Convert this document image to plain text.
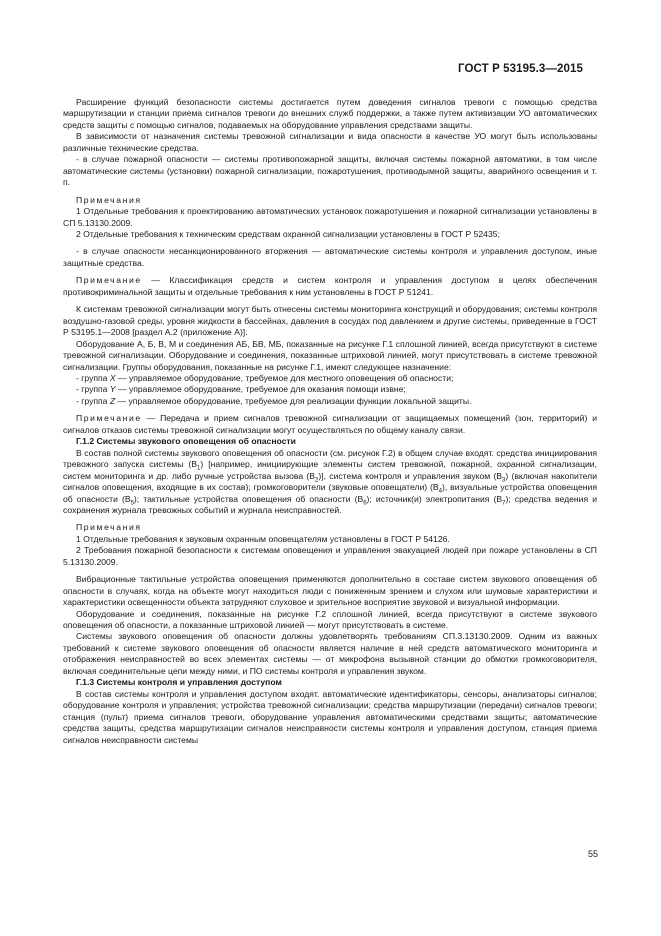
ГОСТ Р 53195.3—2015

Расширение функций безопасности системы достигается путем доведения сигналов тревоги с помощью средства маршрутизации и станции приема сигналов тревоги до внешних служб поддержки, а также путем активизации УО автоматических средств защиты с помощью сигналов, подаваемых на оборудование управления средствами защиты.

В зависимости от назначения системы тревожной сигнализации и вида опасности в качестве УО могут быть использованы различные технические средства.

- в случае пожарной опасности — системы противопожарной защиты, включая системы пожарной автоматики, в том числе автоматические системы (установки) пожарной сигнализации, пожаротушения, противодымной защиты, аварийного освещения и т. п.

Примечания

1 Отдельные требования к проектированию автоматических установок пожаротушения и пожарной сигнализации установлены в СП 5.13130.2009.

2 Отдельные требования к техническим средствам охранной сигнализации установлены в ГОСТ Р 52435;

- в случае опасности несанкционированного вторжения — автоматические системы контроля и управления доступом, иные защитные средства.

Примечание — Классификация средств и систем контроля и управления доступом в целях обеспечения противокриминальной защиты и отдельные требования к ним установлены в ГОСТ Р 51241.

К системам тревожной сигнализации могут быть отнесены системы мониторинга конструкций и оборудования; системы контроля воздушно-газовой среды, уровня жидкости в бассейнах, давления в сосудах под давлением и другие системы, приведенные в ГОСТ Р 53195.1—2008 [раздел А.2 (приложение А)].

Оборудование А, Б, В, М и соединения АБ, БВ, МБ, показанные на рисунке Г.1 сплошной линией, всегда присутствуют в системе тревожной сигнализации. Оборудование и соединения, показанные штриховой линией, могут присутствовать в системе тревожной сигнализации. Группы оборудования, показанные на рисунке Г.1, имеют следующее назначение:

- группа X — управляемое оборудование, требуемое для местного оповещения об опасности;

- группа Y — управляемое оборудование, требуемое для оказания помощи извне;

- группа Z — управляемое оборудование, требуемое для реализации функции локальной защиты.

Примечание — Передача и прием сигналов тревожной сигнализации от защищаемых помещений (зон, территорий) и сигналов отказов системы тревожной сигнализации могут осуществляться по общему каналу связи.

Г.1.2 Системы звукового оповещения об опасности

В состав полной системы звукового оповещения об опасности (см. рисунок Г.2) в общем случае входят. средства инициирования тревожного запуска системы $(В_1)$ [например, инициирующие элементы систем тревожной, пожарной, охранной сигнализации, систем мониторинга и др. либо ручные устройства вызова $(В_2)$], система контроля и управления звуком $(В_3)$ (включая накопители сигналов оповещения, входящие в их состав); громкоговорители (звуковые оповещатели) $(В_4)$, визуальные устройства оповещения об опасности $(В_5)$; тактильные устройства оповещения об опасности $(В_6)$; источник(и) электропитания $(В_7)$; средства ведения и сохранения журнала тревожных событий и журнала неисправностей.

Примечания

1 Отдельные требования к звуковым охранным оповещателям установлены в ГОСТ Р 54126.

2 Требования пожарной безопасности к системам оповещения и управления эвакуацией людей при пожаре установлены в СП 5.13130.2009.

Вибрационные тактильные устройства оповещения применяются дополнительно в составе систем звукового оповещения об опасности в случаях, когда на объекте могут находиться люди с пониженным зрением и слухом или шумовые характеристики и характеристики освещенности объекта затрудняют слуховое и зрительное восприятие звуковой и визуальной информации.

Оборудование и соединения, показанные на рисунке Г.2 сплошной линией, всегда присутствуют в системе звукового оповещения об опасности, а показанные штриховой линией — могут присутствовать в системе.

Системы звукового оповещения об опасности должны удовлетворять требованиям СП.3.13130.2009. Одним из важных требований к системе звукового оповещения об опасности является наличие в ней средств автоматического мониторинга и отображения неисправностей во всех элементах системы — от микрофона вызывной станции до обмотки громкоговорителя, включая соединительные цепи между ними, и ПО системы контроля и управления звуком.

Г.1.3 Системы контроля и управления доступом

В состав системы контроля и управления доступом входят. автоматические идентификаторы, сенсоры, анализаторы сигналов; оборудование контроля и управления; устройства тревожной сигнализации; средства маршрутизации (передачи) сигналов тревоги; станция (пульт) приема сигналов тревоги, оборудование управления автоматическими средствами защиты; автоматические средства защиты, средства маршрутизации сигналов неисправности системы контроля и управления доступом, станция приема сигналов неисправности системы

55
